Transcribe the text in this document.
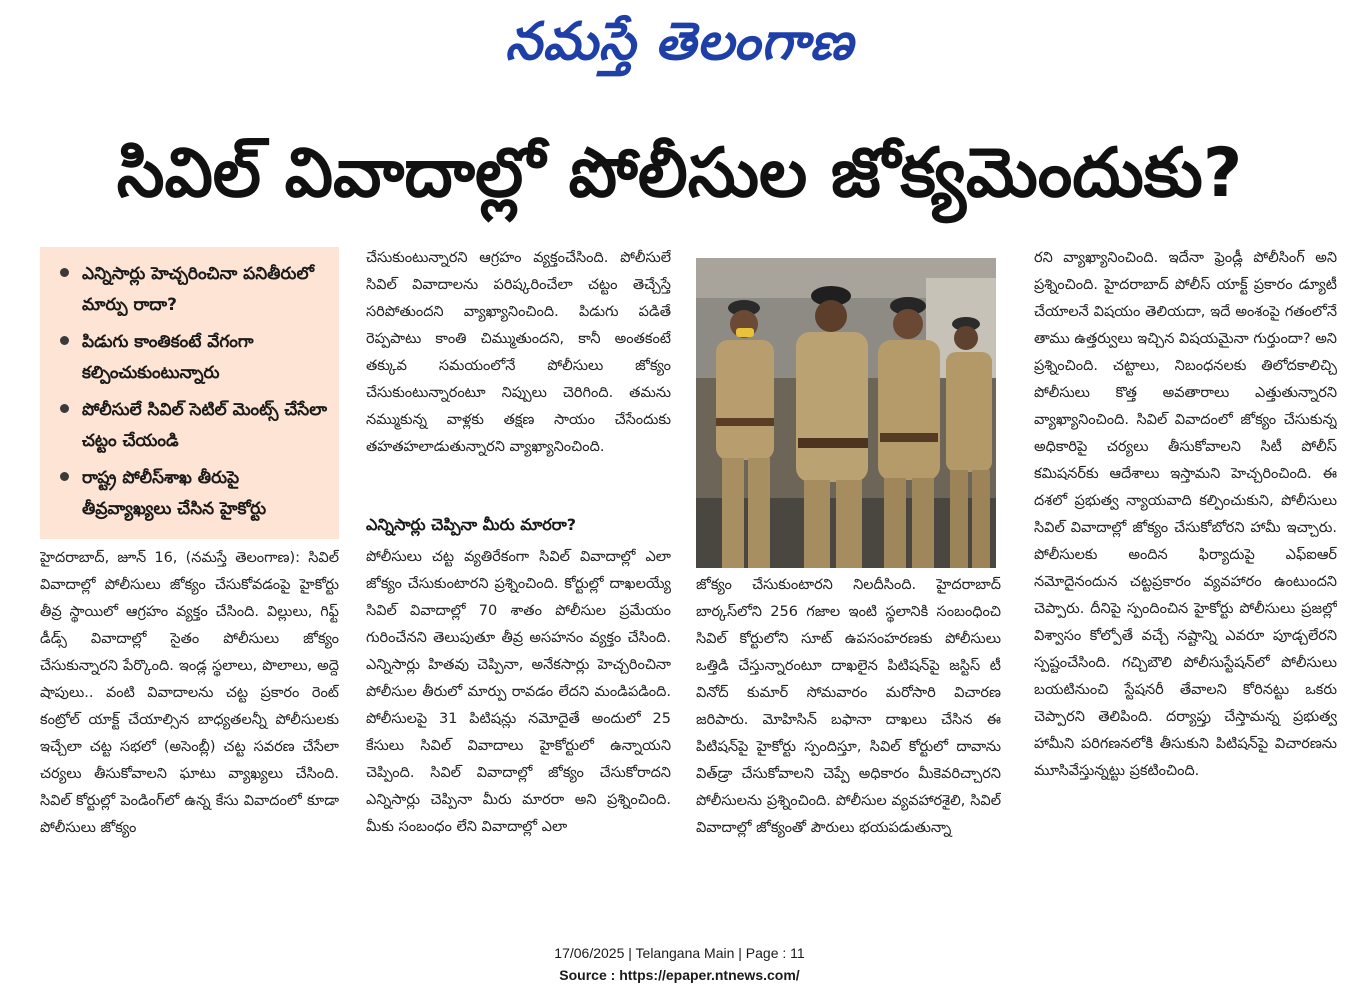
నమస్తే తెలంగాణ
సివిల్ వివాదాల్లో పోలీసుల జోక్యమెందుకు?
ఎన్నిసార్లు హెచ్చరించినా పనితీరులో మార్పు రాదా?
పిడుగు కాంతికంటే వేగంగా కల్పించుకుంటున్నారు
పోలీసులే సివిల్ సెటిల్ మెంట్స్ చేసేలా చట్టం చేయండి
రాష్ట్ర పోలీస్‌శాఖ తీరుపై తీవ్రవ్యాఖ్యలు చేసిన హైకోర్టు

హైదరాబాద్, జూన్ 16, (నమస్తే తెలంగాణ): సివిల్ వివాదాల్లో పోలీసులు జోక్యం చేసుకోవడంపై హైకోర్టు తీవ్ర స్థాయిలో ఆగ్రహం వ్యక్తం చేసింది. విల్లులు, గిఫ్ట్ డీడ్స్ వివాదాల్లో సైతం పోలీసులు జోక్యం చేసుకున్నారని పేర్కొంది. ఇండ్ల స్థలాలు, పొలాలు, అద్దె షాపులు.. వంటి వివాదాలను చట్ట ప్రకారం రెంట్ కంట్రోల్ యాక్ట్ చేయాల్సిన బాధ్యతలన్నీ పోలీసులకు ఇచ్చేలా చట్ట సభలో (అసెంబ్లీ) చట్ట సవరణ చేసేలా చర్యలు తీసుకోవాలని ఘాటు వ్యాఖ్యలు చేసింది. సివిల్ కోర్టుల్లో పెండింగ్‌లో ఉన్న కేసు వివాదంలో కూడా పోలీసులు జోక్యం

చేసుకుంటున్నారని ఆగ్రహం వ్యక్తంచేసింది. పోలీసులే సివిల్ వివాదాలను పరిష్కరించేలా చట్టం తెచ్చేస్తే సరిపోతుందని వ్యాఖ్యానించింది. పిడుగు పడితే రెప్పపాటు కాంతి చిమ్ముతుందని, కానీ అంతకంటే తక్కువ సమయంలోనే పోలీసులు జోక్యం చేసుకుంటున్నారంటూ నిప్పులు చెరిగింది. తమను నమ్ముకున్న వాళ్లకు తక్షణ సాయం చేసేందుకు తహతహలాడుతున్నారని వ్యాఖ్యానించింది.

ఎన్నిసార్లు చెప్పినా మీరు మారరా?

పోలీసులు చట్ట వ్యతిరేకంగా సివిల్ వివాదాల్లో ఎలా జోక్యం చేసుకుంటారని ప్రశ్నించింది. కోర్టుల్లో దాఖలయ్యే సివిల్ వివాదాల్లో 70 శాతం పోలీసుల ప్రమేయం గురించేనని తెలుపుతూ తీవ్ర అసహనం వ్యక్తం చేసింది. ఎన్నిసార్లు హితవు చెప్పినా, అనేకసార్లు హెచ్చరించినా పోలీసుల తీరులో మార్పు రావడం లేదని మండిపడింది. పోలీసులపై 31 పిటిషన్లు నమోదైతే అందులో 25 కేసులు సివిల్ వివాదాలు హైకోర్టులో ఉన్నాయని చెప్పింది. సివిల్ వివాదాల్లో జోక్యం చేసుకోరాదని ఎన్నిసార్లు చెప్పినా మీరు మారరా అని ప్రశ్నించింది. మీకు సంబంధం లేని వివాదాల్లో ఎలా

జోక్యం చేసుకుంటారని నిలదీసింది. హైదరాబాద్ బార్కస్‌లోని 256 గజాల ఇంటి స్థలానికి సంబంధించి సివిల్ కోర్టులోని సూట్ ఉపసంహరణకు పోలీసులు ఒత్తిడి చేస్తున్నారంటూ దాఖలైన పిటిషన్‌పై జస్టిస్ టీ వినోద్ కుమార్ సోమవారం మరోసారి విచారణ జరిపారు. మోహిసిన్ బఫానా దాఖలు చేసిన ఈ పిటిషన్‌పై హైకోర్టు స్పందిస్తూ, సివిల్ కోర్టులో దావాను విత్‌డ్రా చేసుకోవాలని చెప్పే అధికారం మీకెవరిచ్చారని పోలీసులను ప్రశ్నించింది. పోలీసుల వ్యవహారశైలి, సివిల్ వివాదాల్లో జోక్యంతో పౌరులు భయపడుతున్నా

రని వ్యాఖ్యానించింది. ఇదేనా ఫ్రెండ్లీ పోలీసింగ్ అని ప్రశ్నించింది. హైదరాబాద్ పోలీస్ యాక్ట్ ప్రకారం డ్యూటీ చేయాలనే విషయం తెలియదా, ఇదే అంశంపై గతంలోనే తాము ఉత్తర్వులు ఇచ్చిన విషయమైనా గుర్తుందా? అని ప్రశ్నించింది. చట్టాలు, నిబంధనలకు తిలోదకాలిచ్చి పోలీసులు కొత్త అవతారాలు ఎత్తుతున్నారని వ్యాఖ్యానించింది. సివిల్ వివాదంలో జోక్యం చేసుకున్న అధికారిపై చర్యలు తీసుకోవాలని సిటీ పోలీస్ కమిషనర్‌కు ఆదేశాలు ఇస్తామని హెచ్చరించింది. ఈ దశలో ప్రభుత్వ న్యాయవాది కల్పించుకుని, పోలీసులు సివిల్ వివాదాల్లో జోక్యం చేసుకోబోరని హామీ ఇచ్చారు. పోలీసులకు అందిన ఫిర్యాదుపై ఎఫ్ఐఆర్ నమోదైనందున చట్టప్రకారం వ్యవహారం ఉంటుందని చెప్పారు. దీనిపై స్పందించిన హైకోర్టు పోలీసులు ప్రజల్లో విశ్వాసం కోల్పోతే వచ్చే నష్టాన్ని ఎవరూ పూడ్చలేరని స్పష్టంచేసింది. గచ్చిబౌలి పోలీసుస్టేషన్‌లో పోలీసులు బయటినుంచి స్టేషనరీ తేవాలని కోరినట్టు ఒకరు చెప్పారని తెలిపింది. దర్యాప్తు చేస్తామన్న ప్రభుత్వ హామీని పరిగణనలోకి తీసుకుని పిటిషన్‌పై విచారణను మూసివేస్తున్నట్టు ప్రకటించింది.

17/06/2025 | Telangana Main | Page : 11
Source : https://epaper.ntnews.com/
